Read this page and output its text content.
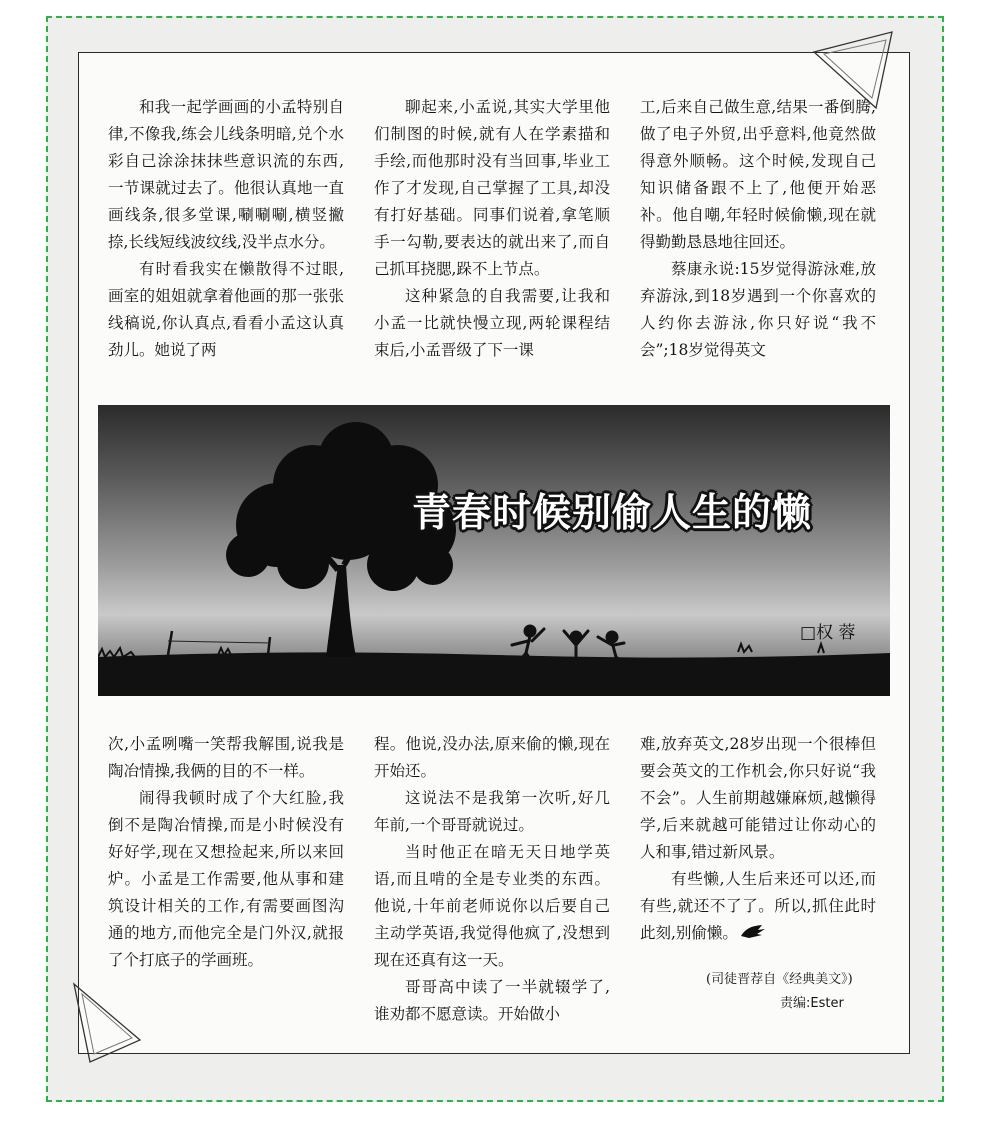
和我一起学画画的小孟特别自律,不像我,练会儿线条明暗,兑个水彩自己涂涂抹抹些意识流的东西,一节课就过去了。他很认真地一直画线条,很多堂课,唰唰唰,横竖撇捺,长线短线波纹线,没半点水分。

有时看我实在懒散得不过眼,画室的姐姐就拿着他画的那一张张线稿说,你认真点,看看小孟这认真劲儿。她说了两

聊起来,小孟说,其实大学里他们制图的时候,就有人在学素描和手绘,而他那时没有当回事,毕业工作了才发现,自己掌握了工具,却没有打好基础。同事们说着,拿笔顺手一勾勒,要表达的就出来了,而自己抓耳挠腮,跺不上节点。

这种紧急的自我需要,让我和小孟一比就快慢立现,两轮课程结束后,小孟晋级了下一课

工,后来自己做生意,结果一番倒腾,做了电子外贸,出乎意料,他竟然做得意外顺畅。这个时候,发现自己知识储备跟不上了,他便开始恶补。他自嘲,年轻时候偷懒,现在就得勤勤恳恳地往回还。

蔡康永说:15岁觉得游泳难,放弃游泳,到18岁遇到一个你喜欢的人约你去游泳,你只好说“我不会”;18岁觉得英文

青春时候别偷人生的懒
□权 蓉

次,小孟咧嘴一笑帮我解围,说我是陶冶情操,我俩的目的不一样。

闹得我顿时成了个大红脸,我倒不是陶冶情操,而是小时候没有好好学,现在又想捡起来,所以来回炉。小孟是工作需要,他从事和建筑设计相关的工作,有需要画图沟通的地方,而他完全是门外汉,就报了个打底子的学画班。

程。他说,没办法,原来偷的懒,现在开始还。

这说法不是我第一次听,好几年前,一个哥哥就说过。

当时他正在暗无天日地学英语,而且啃的全是专业类的东西。他说,十年前老师说你以后要自己主动学英语,我觉得他疯了,没想到现在还真有这一天。

哥哥高中读了一半就辍学了,谁劝都不愿意读。开始做小

难,放弃英文,28岁出现一个很棒但要会英文的工作机会,你只好说“我不会”。人生前期越嫌麻烦,越懒得学,后来就越可能错过让你动心的人和事,错过新风景。

有些懒,人生后来还可以还,而有些,就还不了了。所以,抓住此时此刻,别偷懒。

(司徒晋荐自《经典美文》)
责编:Ester
